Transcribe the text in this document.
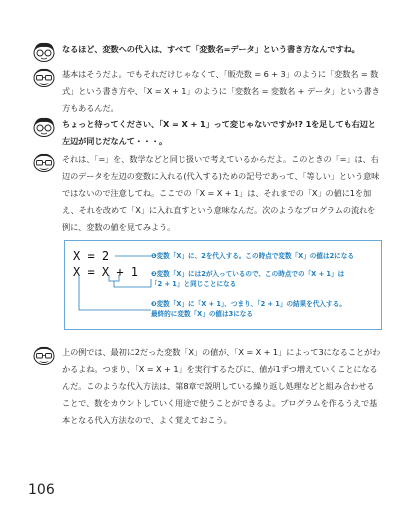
なるほど、変数への代入は、すべて「変数名=データ」という書き方なんですね。
基本はそうだよ。でもそれだけじゃなくて、「販売数 = 6 + 3」のように「変数名 = 数式」という書き方や、「X = X + 1」のように「変数名 = 変数名 + データ」という書き方もあるんだ。
ちょっと待ってください、「X = X + 1」って変じゃないですか!? 1を足しても右辺と左辺が同じだなんて・・・。
それは、「=」を、数学などと同じ扱いで考えているからだよ。このときの「=」は、右辺のデータを左辺の変数に入れる(代入する)ための記号であって、「等しい」という意味ではないので注意してね。ここでの「X = X + 1」は、それまでの「X」の値に1を加え、それを改めて「X」に入れ直すという意味なんだ。次のようなプログラムの流れを例に、変数の値を見てみよう。
X = 2
X = X + 1
❶変数「X」に、2を代入する。この時点で変数「X」の値は2になる
❷変数「X」には2が入っているので、この時点での「X + 1」は
「2 + 1」と同じことになる
❸変数「X」に「X + 1」、つまり、「2 + 1」の結果を代入する。
最終的に変数「X」の値は3になる
上の例では、最初に2だった変数「X」の値が、「X = X + 1」によって3になることがわかるよね。つまり、「X = X + 1」を実行するたびに、値が1ずつ増えていくことになるんだ。このような代入方法は、第8章で説明している繰り返し処理などと組み合わせることで、数をカウントしていく用途で使うことができるよ。プログラムを作るうえで基本となる代入方法なので、よく覚えておこう。
106
